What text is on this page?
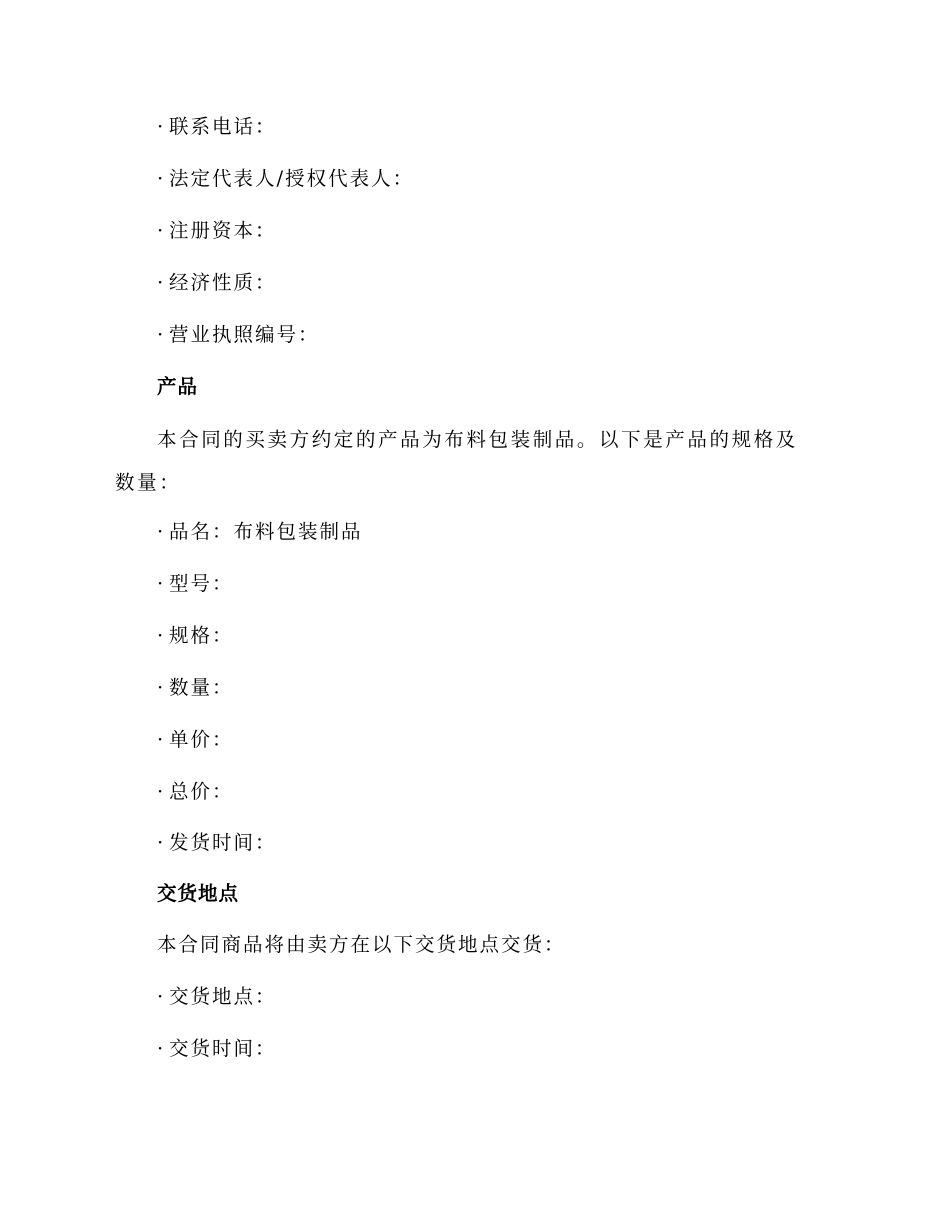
· 联系电话：
· 法定代表人/授权代表人：
· 注册资本：
· 经济性质：
· 营业执照编号：
产品
本合同的买卖方约定的产品为布料包装制品。以下是产品的规格及数量：
· 品名：布料包装制品
· 型号：
· 规格：
· 数量：
· 单价：
· 总价：
· 发货时间：
交货地点
本合同商品将由卖方在以下交货地点交货：
· 交货地点：
· 交货时间：
